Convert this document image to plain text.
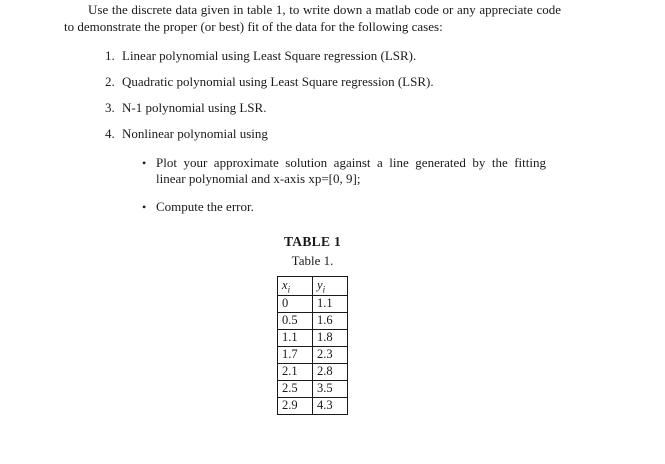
Use the discrete data given in table 1, to write down a matlab code or any appreciate code to demonstrate the proper (or best) fit of the data for the following cases:

1. Linear polynomial using Least Square regression (LSR).
2. Quadratic polynomial using Least Square regression (LSR).
3. N-1 polynomial using LSR.
4. Nonlinear polynomial using
• Plot your approximate solution against a line generated by the fitting linear polynomial and x-axis xp=[0, 9];
• Compute the error.
TABLE 1
Table 1.
$x_i$	$y_i$
0	1.1
0.5	1.6
1.1	1.8
1.7	2.3
2.1	2.8
2.5	3.5
2.9	4.3
